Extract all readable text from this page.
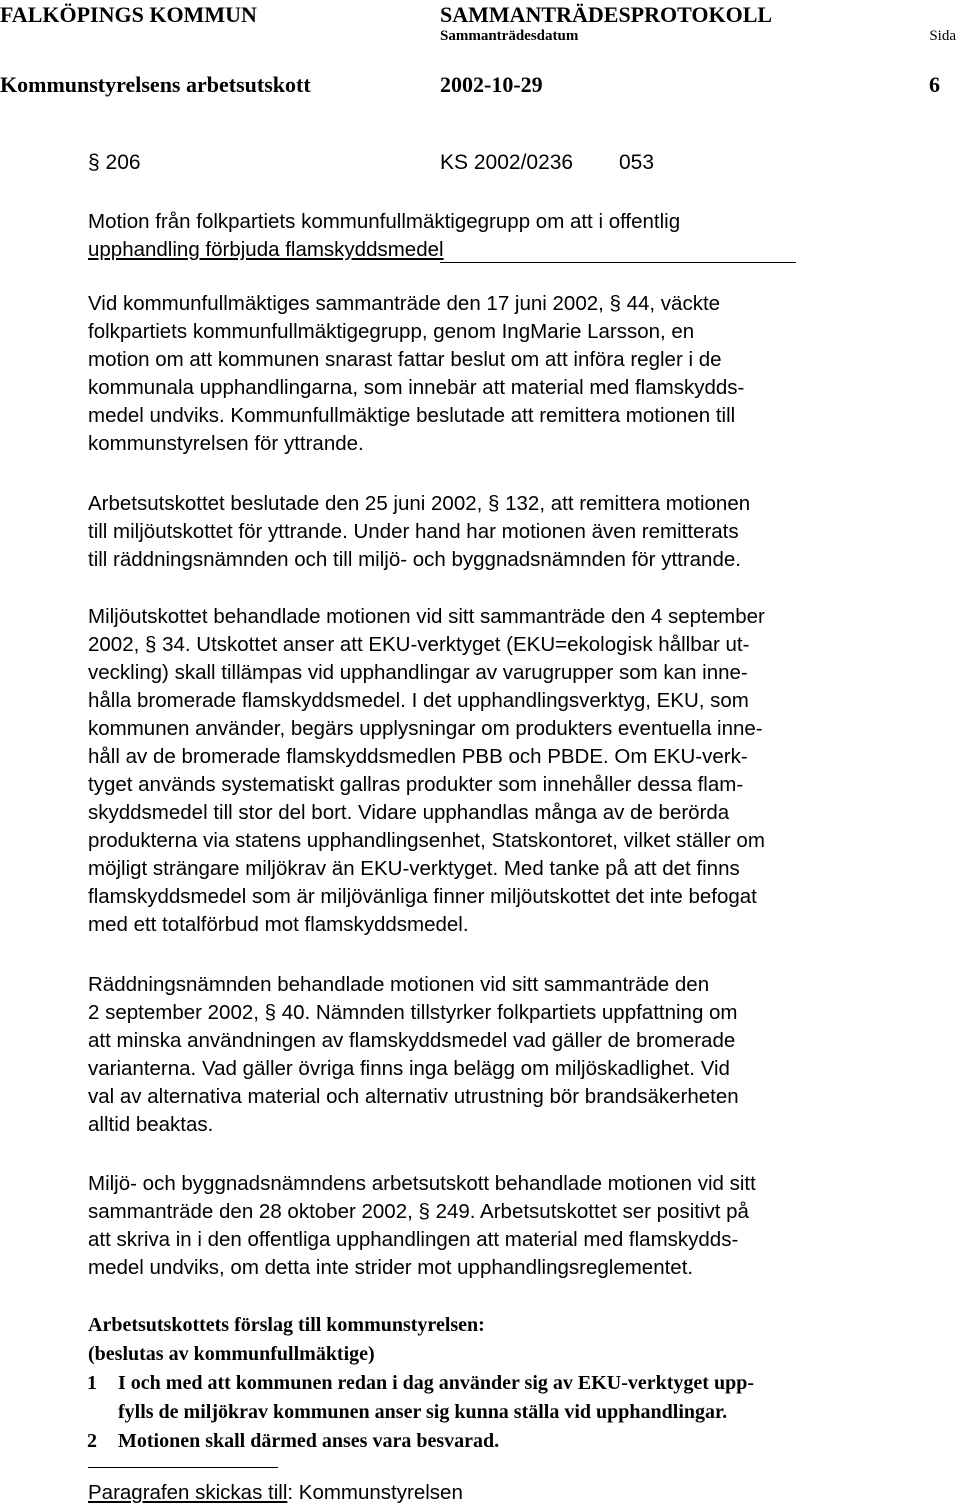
FALKÖPINGS KOMMUN	SAMMANTRÄDESPROTOKOLL
Sammanträdesdatum	Sida
Kommunstyrelsens arbetsutskott	2002-10-29	6
§ 206	KS 2002/0236 053

Motion från folkpartiets kommunfullmäktigegrupp om att i offentlig

upphandling förbjuda flamskyddsmedel

Vid kommunfullmäktiges sammanträde den 17 juni 2002, § 44, väckte

folkpartiets kommunfullmäktigegrupp, genom IngMarie Larsson, en

motion om att kommunen snarast fattar beslut om att införa regler i de

kommunala upphandlingarna, som innebär att material med flamskydds-

medel undviks. Kommunfullmäktige beslutade att remittera motionen till

kommunstyrelsen för yttrande.

Arbetsutskottet beslutade den 25 juni 2002, § 132, att remittera motionen

till miljöutskottet för yttrande. Under hand har motionen även remitterats

till räddningsnämnden och till miljö- och byggnadsnämnden för yttrande.

Miljöutskottet behandlade motionen vid sitt sammanträde den 4 september

2002, § 34. Utskottet anser att EKU-verktyget (EKU=ekologisk hållbar ut-

veckling) skall tillämpas vid upphandlingar av varugrupper som kan inne-

hålla bromerade flamskyddsmedel. I det upphandlingsverktyg, EKU, som

kommunen använder, begärs upplysningar om produkters eventuella inne-

håll av de bromerade flamskyddsmedlen PBB och PBDE. Om EKU-verk-

tyget används systematiskt gallras produkter som innehåller dessa flam-

skyddsmedel till stor del bort. Vidare upphandlas många av de berörda

produkterna via statens upphandlingsenhet, Statskontoret, vilket ställer om

möjligt strängare miljökrav än EKU-verktyget. Med tanke på att det finns

flamskyddsmedel som är miljövänliga finner miljöutskottet det inte befogat

med ett totalförbud mot flamskyddsmedel.

Räddningsnämnden behandlade motionen vid sitt sammanträde den

2 september 2002, § 40. Nämnden tillstyrker folkpartiets uppfattning om

att minska användningen av flamskyddsmedel vad gäller de bromerade

varianterna. Vad gäller övriga finns inga belägg om miljöskadlighet. Vid

val av alternativa material och alternativ utrustning bör brandsäkerheten

alltid beaktas.

Miljö- och byggnadsnämndens arbetsutskott behandlade motionen vid sitt

sammanträde den 28 oktober 2002, § 249. Arbetsutskottet ser positivt på

att skriva in i den offentliga upphandlingen att material med flamskydds-

medel undviks, om detta inte strider mot upphandlingsreglementet.

Arbetsutskottets förslag till kommunstyrelsen:

(beslutas av kommunfullmäktige)

1 I och med att kommunen redan i dag använder sig av EKU-verktyget upp-
fylls de miljökrav kommunen anser sig kunna ställa vid upphandlingar.
2 Motionen skall därmed anses vara besvarad.
Paragrafen skickas till: Kommunstyrelsen
